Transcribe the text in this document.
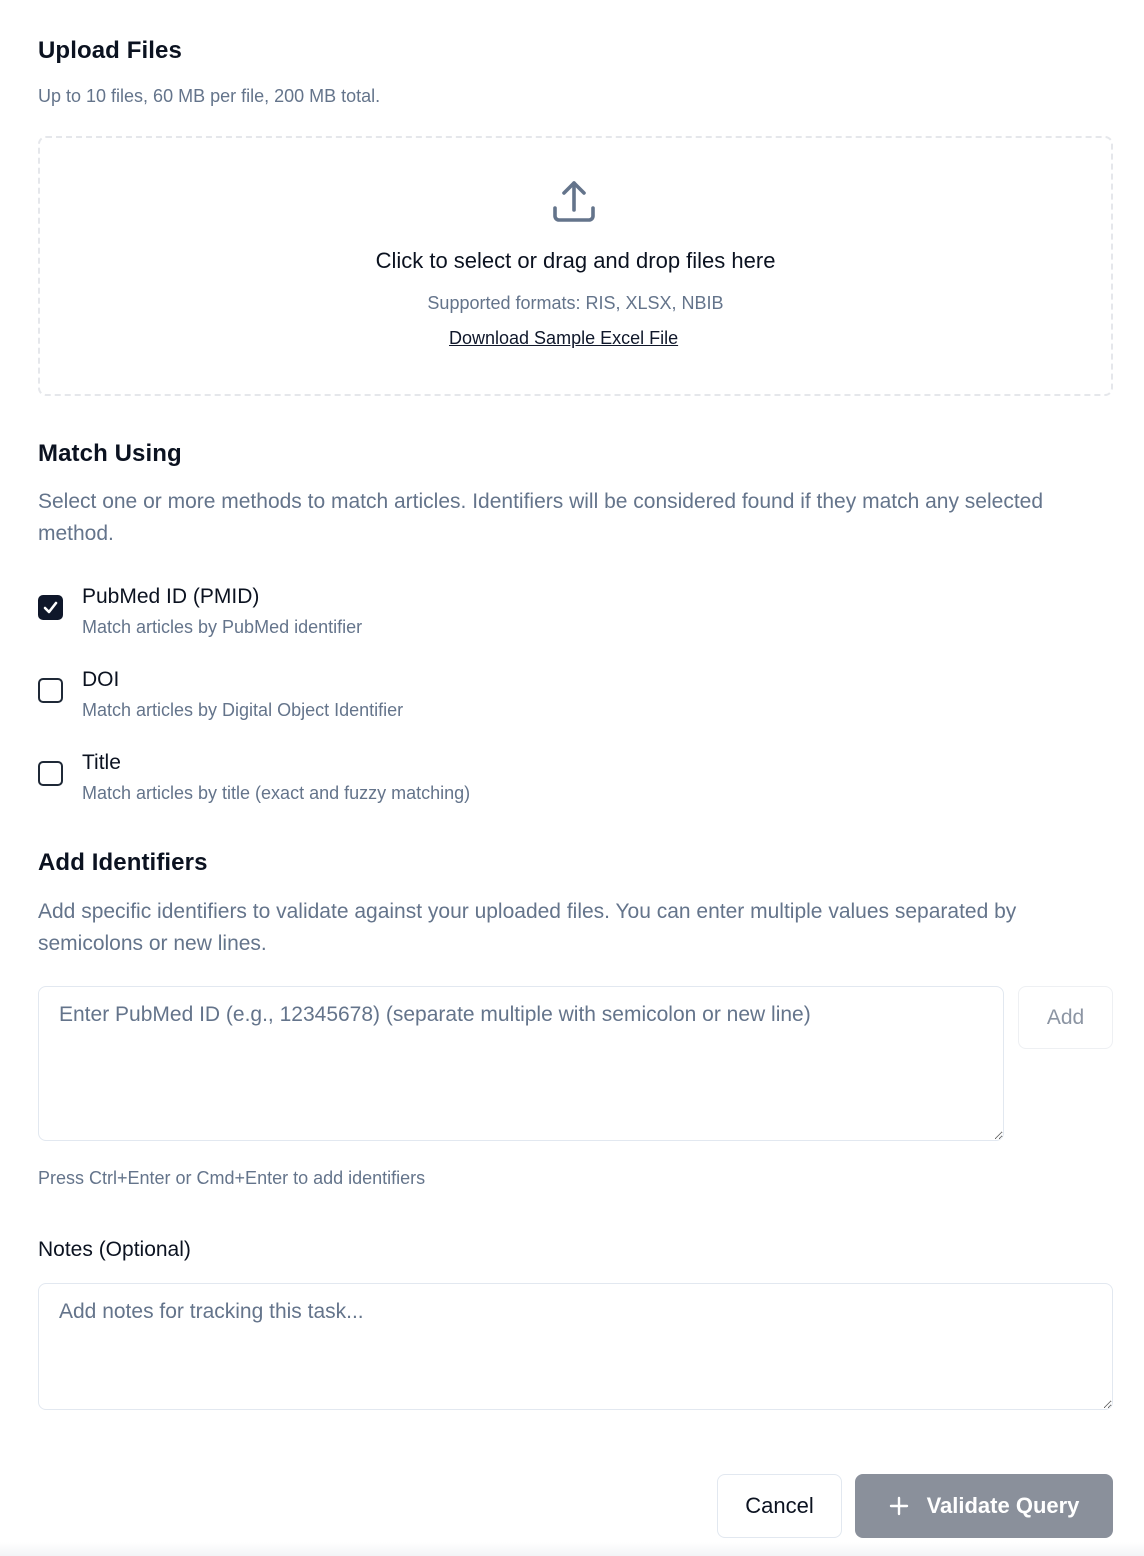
Upload Files
Up to 10 files, 60 MB per file, 200 MB total.
Click to select or drag and drop files here
Supported formats: RIS, XLSX, NBIB
Download Sample Excel File
Match Using
Select one or more methods to match articles. Identifiers will be considered found if they match any selected method.
PubMed ID (PMID)
Match articles by PubMed identifier
DOI
Match articles by Digital Object Identifier
Title
Match articles by title (exact and fuzzy matching)
Add Identifiers
Add specific identifiers to validate against your uploaded files. You can enter multiple values separated by semicolons or new lines.
Enter PubMed ID (e.g., 12345678) (separate multiple with semicolon or new line)
Add
Press Ctrl+Enter or Cmd+Enter to add identifiers
Notes (Optional)
Add notes for tracking this task...
Cancel	Validate Query
